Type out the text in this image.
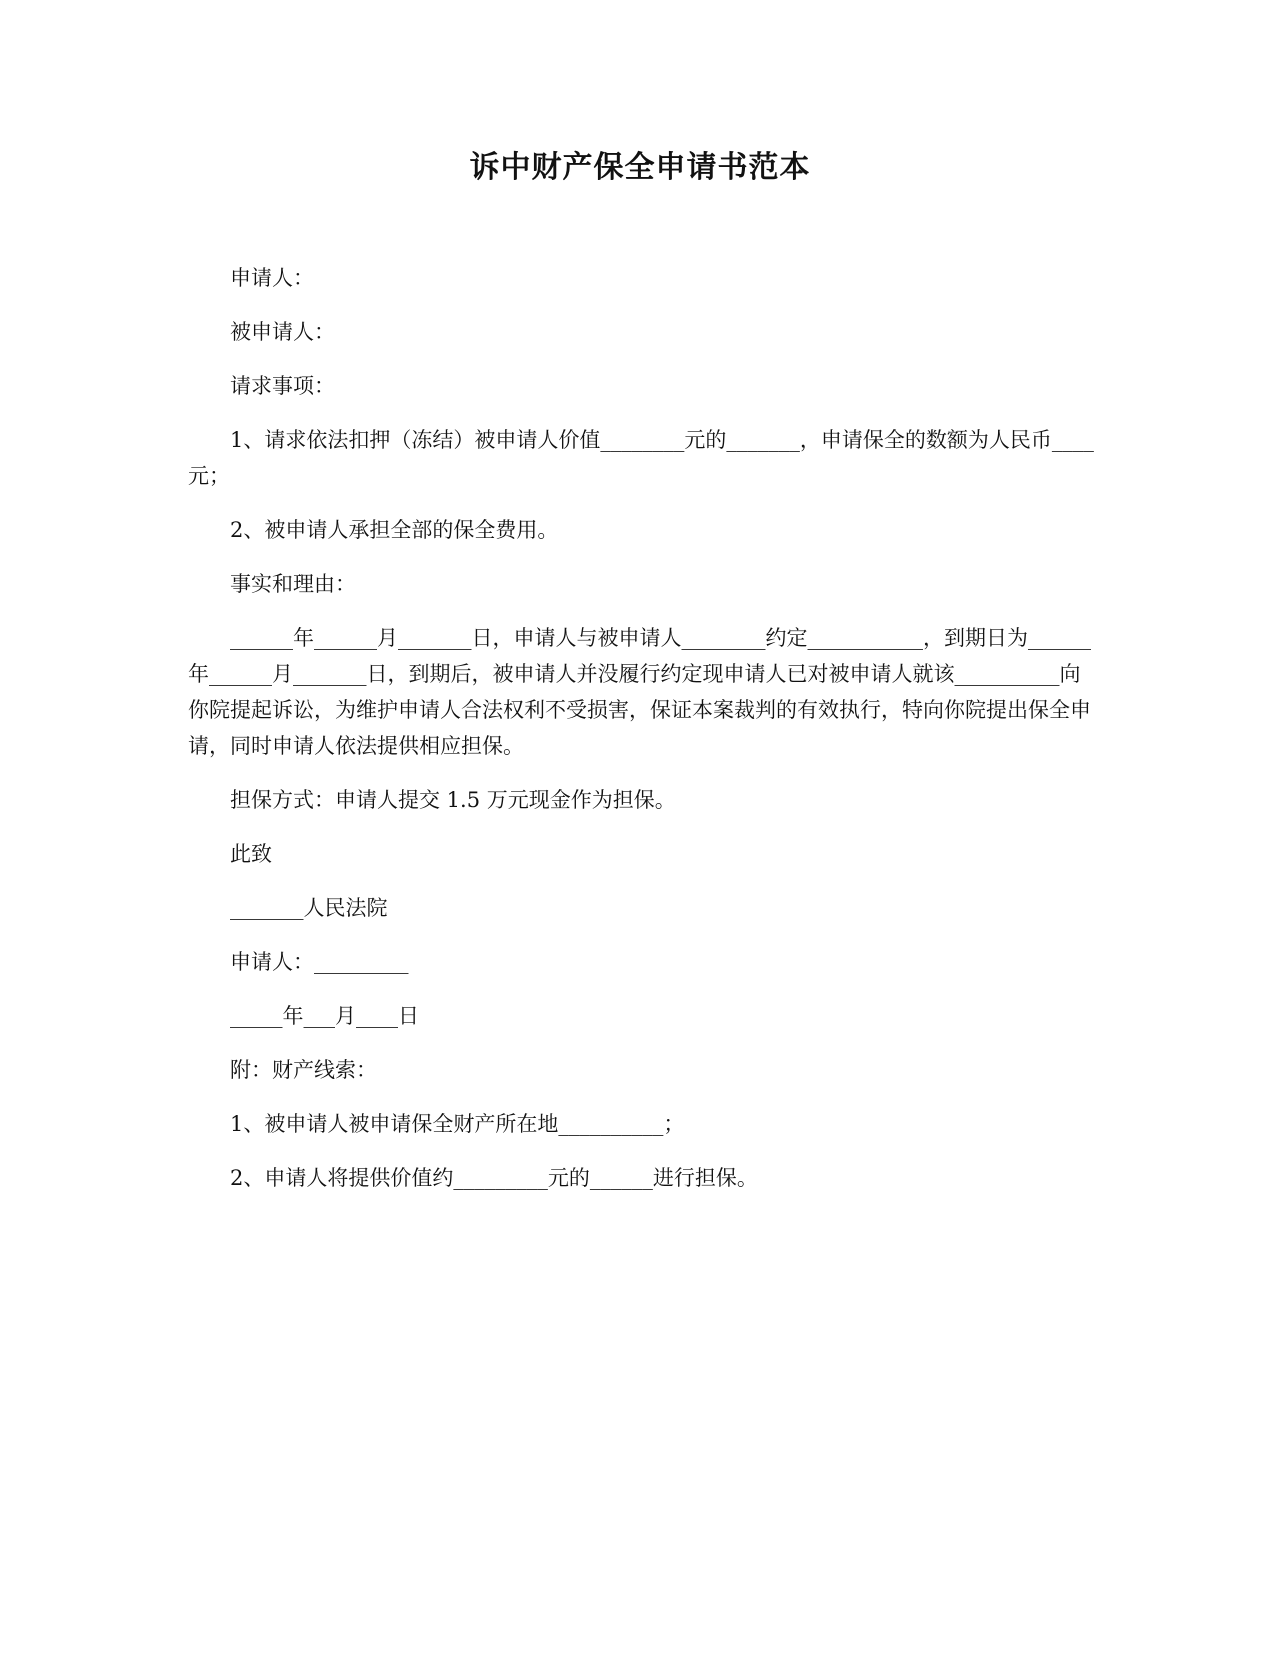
诉中财产保全申请书范本

申请人：

被申请人：

请求事项：

1、请求依法扣押（冻结）被申请人价值________元的_______，申请保全的数额为人民币____元；

2、被申请人承担全部的保全费用。

事实和理由：

______年______月_______日，申请人与被申请人________约定___________，到期日为______年______月_______日，到期后，被申请人并没履行约定现申请人已对被申请人就该__________向你院提起诉讼，为维护申请人合法权利不受损害，保证本案裁判的有效执行，特向你院提出保全申请，同时申请人依法提供相应担保。

担保方式：申请人提交 1.5 万元现金作为担保。

此致

_______人民法院

申请人：_________

_____年___月____日

附：财产线索：

1、被申请人被申请保全财产所在地__________；

2、申请人将提供价值约_________元的______进行担保。
